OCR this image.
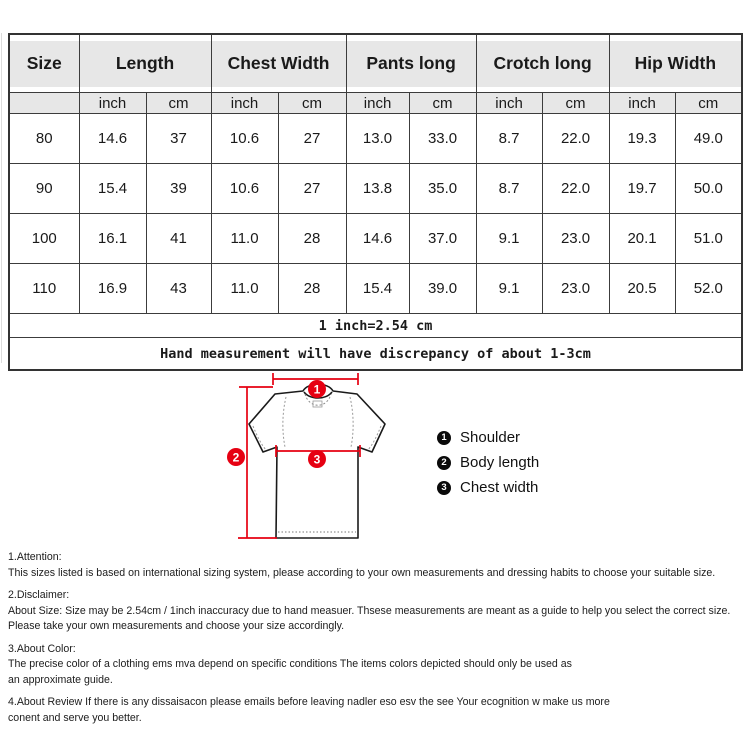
Size	Length		Chest Width		Pants long		Crotch long		Hip Width	

	inch	cm	inch	cm	inch	cm	inch	cm	inch	cm
80	14.6	37	10.6	27	13.0	33.0	8.7	22.0	19.3	49.0
90	15.4	39	10.6	27	13.8	35.0	8.7	22.0	19.7	50.0
100	16.1	41	11.0	28	14.6	37.0	9.1	23.0	20.1	51.0
110	16.9	43	11.0	28	15.4	39.0	9.1	23.0	20.5	52.0
1 inch=2.54 cm										
Hand measurement will have discrepancy of about 1-3cm										
1
2	3
1 Shoulder
2 Body length
3 Chest width
1.Attention:
This sizes listed is based on international sizing system, please according to your own measurements and dressing habits to choose your suitable size.
2.Disclaimer:
About Size: Size may be 2.54cm / 1inch inaccuracy due to hand measuer. Thsese measurements are meant as a guide to help you select the correct size.
Please take your own measurements and choose your size accordingly.
3.About Color:
The precise color of a clothing ems mva depend on specific conditions The items colors depicted should only be used as
an approximate guide.
4.About Review If there is any dissaisacon please emails before leaving nadler eso esv the see Your ecognition w make us more
conent and serve you better.
